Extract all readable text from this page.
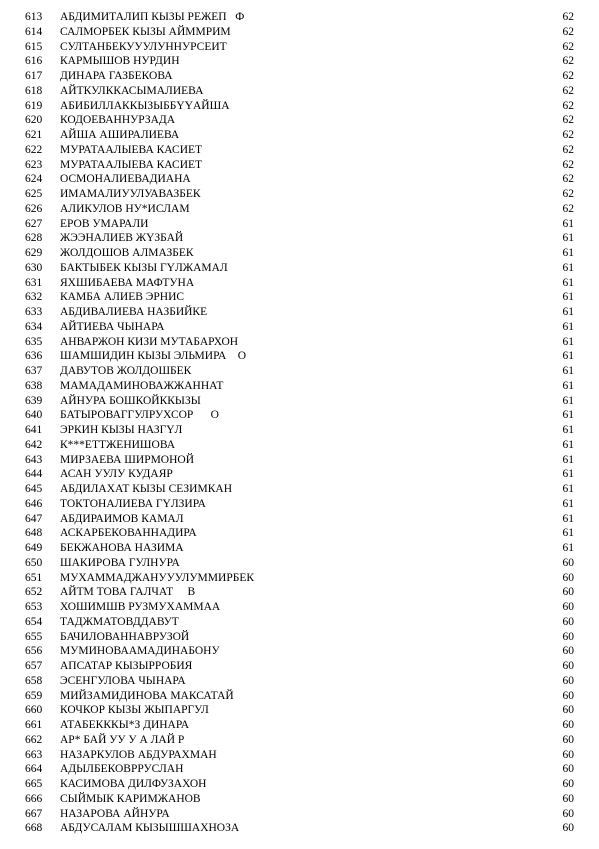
613	АБДИМИТАЛИП КЫЗЫ РЕЖЕП   Ф	62
614	САЛМОРБЕК КЫЗЫ АЙММРИМ	62
615	СУЛТАНБЕКУУУЛУННУРСЕИТ	62
616	КАРМЫШОВ НУРДИН	62
617	ДИНАРА ГАЗБЕКОВА	62
618	АЙТКУЛККАСЫМАЛИЕВА	62
619	АБИБИЛЛАККЫЗЫББҮҮАЙША	62
620	КОДОЕВАННУРЗАДА	62
621	АЙША АШИРАЛИЕВА	62
622	МУРАТААЛЫЕВА КАСИЕТ	62
623	МУРАТААЛЫЕВА КАСИЕТ	62
624	ОСМОНАЛИЕВАДИАНА	62
625	ИМАМАЛИУУЛУАВАЗБЕК	62
626	АЛИКУЛОВ НУ*ИСЛАМ	62
627	ЕРОВ УМАРАЛИ	61
628	ЖЭЭНАЛИЕВ ЖҮЗБАЙ	61
629	ЖОЛДОШОВ АЛМАЗБЕК	61
630	БАКТЫБЕК КЫЗЫ ГҮЛЖАМАЛ	61
631	ЯХШИБАЕВА МАФТУНА	61
632	КАМБА АЛИЕВ ЭРНИС	61
633	АБДИВАЛИЕВА НАЗБИЙКЕ	61
634	АЙТИЕВА ЧЫНАРА	61
635	АНВАРЖОН КИЗИ МУТАБАРХОН	61
636	ШАМШИДИН КЫЗЫ ЭЛЬМИРА    О	61
637	ДАВУТОВ ЖОЛДОШБЕК	61
638	МАМАДАМИНОВАЖЖАННАТ	61
639	АЙНУРА БОШКОЙККЫЗЫ	61
640	БАТЫРОВАГГУЛРУХСОР      О	61
641	ЭРКИН КЫЗЫ НАЗГҮЛ	61
642	К***ЕТТЖЕНИШОВА	61
643	МИРЗАЕВА ШИРМОНОЙ	61
644	АСАН УУЛУ КУДАЯР	61
645	АБДИЛАХАТ КЫЗЫ СЕЗИМКАН	61
646	ТОКТОНАЛИЕВА ГҮЛЗИРА	61
647	АБДИРАИМОВ КАМАЛ	61
648	АСКАРБЕКОВАННАДИРА	61
649	БЕКЖАНОВА НАЗИМА	61
650	ШАКИРОВА ГУЛНУРА	60
651	МУХАММАДЖАНУУУЛУММИРБЕК	60
652	АЙТМ ТОВА ГАЛЧАТ     В	60
653	ХОШИМШВ РУЗМУХАММАА	60
654	ТАДЖМАТОВДДАВУТ	60
655	БАЧИЛОВАННАВРУЗОЙ	60
656	МУМИНОВААМАДИНАБОНУ	60
657	АПСАТАР КЫЗЫРРОБИЯ	60
658	ЭСЕНГУЛОВА ЧЫНАРА	60
659	МИЙЗАМИДИНОВА МАКСАТАЙ	60
660	КОЧКОР КЫЗЫ ЖЫПАРГУЛ	60
661	АТАБЕКККЫ*З ДИНАРА	60
662	АР* БАЙ УУ У А ЛАЙ Р	60
663	НАЗАРКУЛОВ АБДУРАХМАН	60
664	АДЫЛБЕКОВРРУСЛАН	60
665	КАСИМОВА ДИЛФУЗАХОН	60
666	СЫЙМЫК КАРИМЖАНОВ	60
667	НАЗАРОВА АЙНУРА	60
668	АБДУСАЛАМ КЫЗЫШШАХНОЗА	60
